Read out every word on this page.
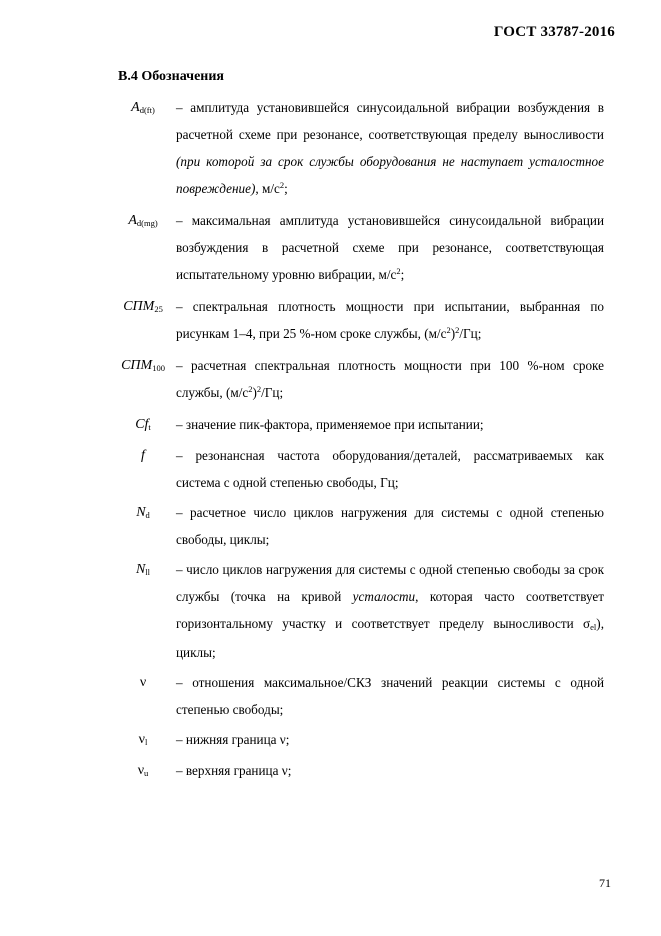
ГОСТ 33787-2016
В.4 Обозначения
$A_{d(ft)}$	– амплитуда установившейся синусоидальной вибрации возбуждения в расчетной схеме при резонансе, соответствующая пределу выносливости (при которой за срок службы оборудования не наступает усталостное повреждение), $м/с^2$;
$A_{d(mg)}$	– максимальная амплитуда установившейся синусоидальной вибрации возбуждения в расчетной схеме при резонансе, соответствующая испытательному уровню вибрации, $м/с^2$;
$СПМ_{25}$ – спектральная плотность мощности при испытании, выбранная по рисункам 1–4, при 25 %-ном сроке службы, $(м/с^2)^2/Гц$;
$СПМ_{100}$ – расчетная спектральная плотность мощности при 100 %-ном сроке службы, $(м/с^2)^2/Гц$;
$Cf_t$	– значение пик-фактора, применяемое при испытании;
f	– резонансная частота оборудования/деталей, рассматриваемых как система с одной степенью свободы, Гц;
$N_d$	– расчетное число циклов нагружения для системы с одной степенью свободы, циклы;
$N_{ll}$	– число циклов нагружения для системы с одной степенью свободы за срок службы (точка на кривой усталости, которая часто соответствует горизонтальному участку и соответствует пределу выносливости $\sigma_{el}$), циклы;
ν	– отношения максимальное/СКЗ значений реакции системы с одной степенью свободы;
$\nu_l$	– нижняя граница ν;
$\nu_u$	– верхняя граница ν;
71
